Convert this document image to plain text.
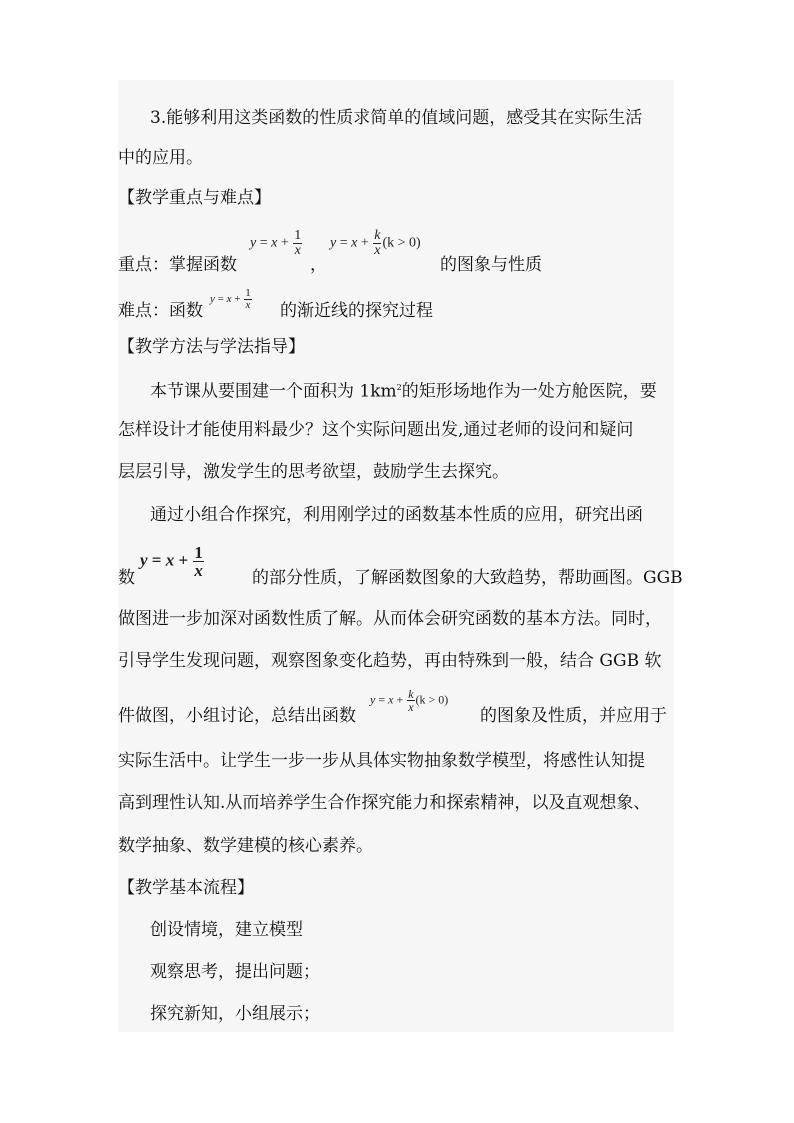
3.能够利用这类函数的性质求简单的值域问题，感受其在实际生活
中的应用。
【教学重点与难点】
重点：掌握函数
$y = x + \frac{1}{x}$
，
$y = x + \frac{k}{x} (k > 0)$
的图象与性质
难点：函数
$y = x + \frac{1}{x}$ 的渐近线的探究过程
【教学方法与学法指导】
本节课从要围建一个面积为 $1km^2$的矩形场地作为一处方舱医院，要
怎样设计才能使用料最少？这个实际问题出发,通过老师的设问和疑问
层层引导，激发学生的思考欲望，鼓励学生去探究。
通过小组合作探究，利用刚学过的函数基本性质的应用，研究出函
数
$y = x + \frac{1}{x}$	的部分性质，了解函数图象的大致趋势，帮助画图。GGB
做图进一步加深对函数性质了解。从而体会研究函数的基本方法。同时，
引导学生发现问题，观察图象变化趋势，再由特殊到一般，结合 GGB 软
件做图，小组讨论，总结出函数
$y = x + \frac{k}{x} (k > 0)$
的图象及性质，并应用于
实际生活中。让学生一步一步从具体实物抽象数学模型，将感性认知提
高到理性认知.从而培养学生合作探究能力和探索精神，以及直观想象、
数学抽象、数学建模的核心素养。
【教学基本流程】
创设情境，建立模型
观察思考，提出问题；
探究新知，小组展示；
